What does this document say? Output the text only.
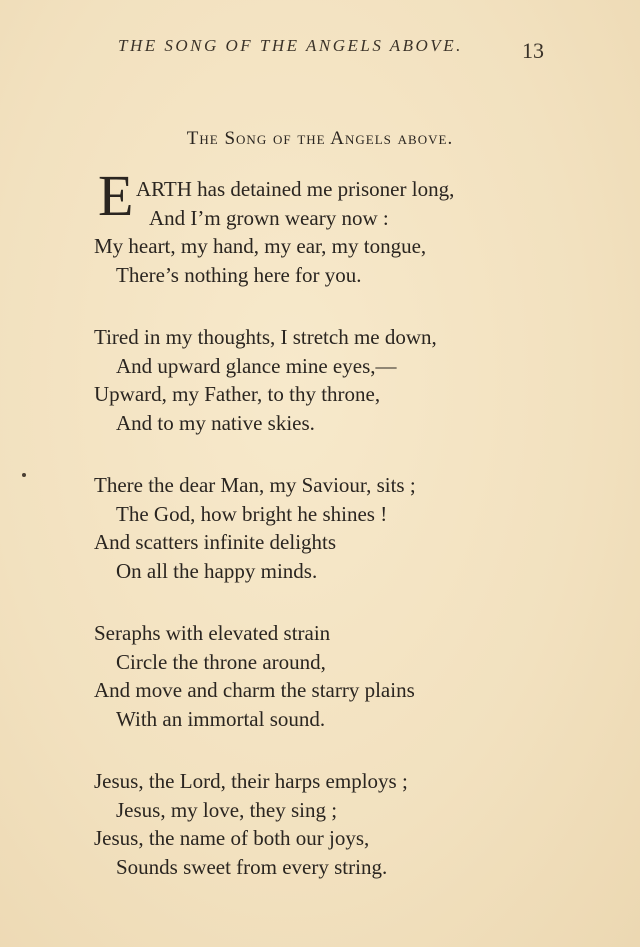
THE SONG OF THE ANGELS ABOVE.	13
The Song of the Angels above.
E ARTH has detained me prisoner long,
And I’m grown weary now :
My heart, my hand, my ear, my tongue,
There’s nothing here for you.
Tired in my thoughts, I stretch me down,
And upward glance mine eyes,—
Upward, my Father, to thy throne,
And to my native skies.
There the dear Man, my Saviour, sits ;
The God, how bright he shines !
And scatters infinite delights
On all the happy minds.
Seraphs with elevated strain
Circle the throne around,
And move and charm the starry plains
With an immortal sound.
Jesus, the Lord, their harps employs ;
Jesus, my love, they sing ;
Jesus, the name of both our joys,
Sounds sweet from every string.
